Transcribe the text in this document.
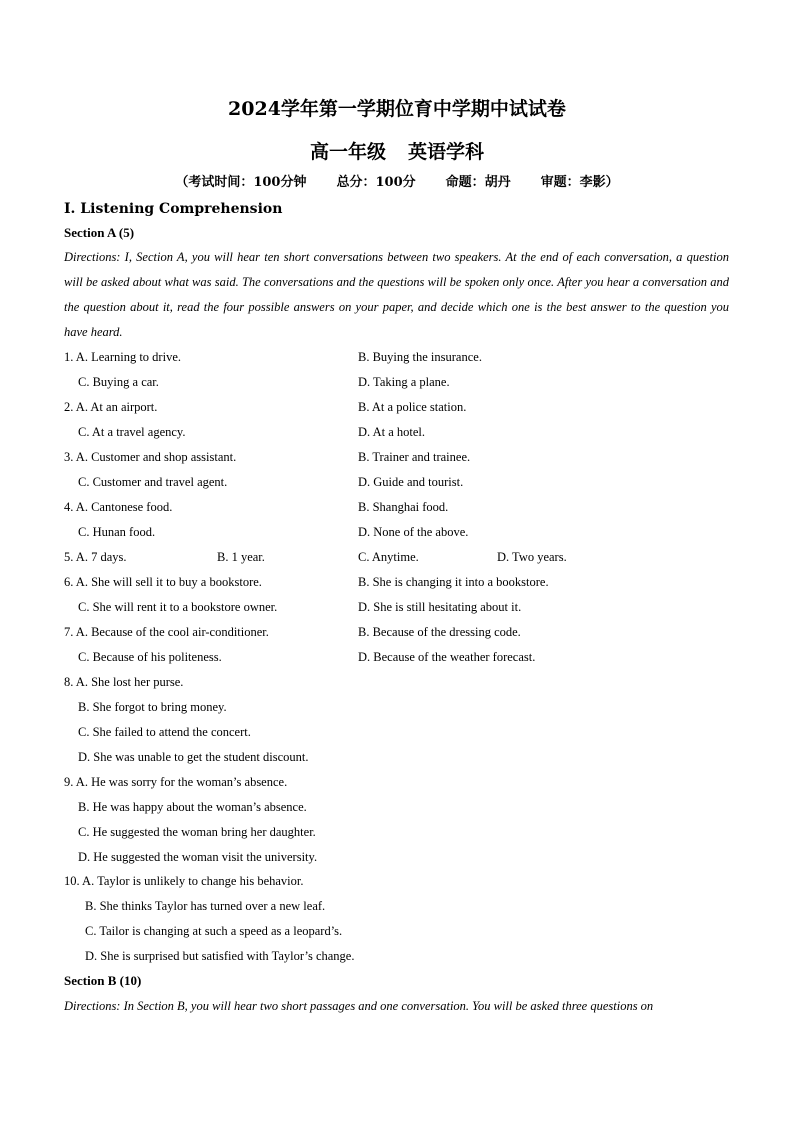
2024学年第一学期位育中学期中试试卷
高一年级 英语学科
（考试时间：100分钟 总分：100分 命题：胡丹 审题：李影）
Ⅰ. Listening Comprehension
Section A (5)
Directions: I, Section A, you will hear ten short conversations between two speakers. At the end of each conversation, a question will be asked about what was said. The conversations and the questions will be spoken only once. After you hear a conversation and the question about it, read the four possible answers on your paper, and decide which one is the best answer to the question you have heard.
1. A. Learning to drive.	B. Buying the insurance.
C. Buying a car.	D. Taking a plane.
2. A. At an airport.	B. At a police station.
C. At a travel agency.	D. At a hotel.
3. A. Customer and shop assistant.	B. Trainer and trainee.
C. Customer and travel agent.	D. Guide and tourist.
4. A. Cantonese food.	B. Shanghai food.
C. Hunan food.	D. None of the above.
5. A. 7 days.	B. 1 year.	C. Anytime.	D. Two years.
6. A. She will sell it to buy a bookstore.	B. She is changing it into a bookstore.
C. She will rent it to a bookstore owner.	D. She is still hesitating about it.
7. A. Because of the cool air-conditioner.	B. Because of the dressing code.
C. Because of his politeness.	D. Because of the weather forecast.
8. A. She lost her purse.
B. She forgot to bring money.
C. She failed to attend the concert.
D. She was unable to get the student discount.
9. A. He was sorry for the woman’s absence.
B. He was happy about the woman’s absence.
C. He suggested the woman bring her daughter.
D. He suggested the woman visit the university.
10. A. Taylor is unlikely to change his behavior.
B. She thinks Taylor has turned over a new leaf.
C. Tailor is changing at such a speed as a leopard’s.
D. She is surprised but satisfied with Taylor’s change.
Section B (10)
Directions: In Section B, you will hear two short passages and one conversation. You will be asked three questions on
